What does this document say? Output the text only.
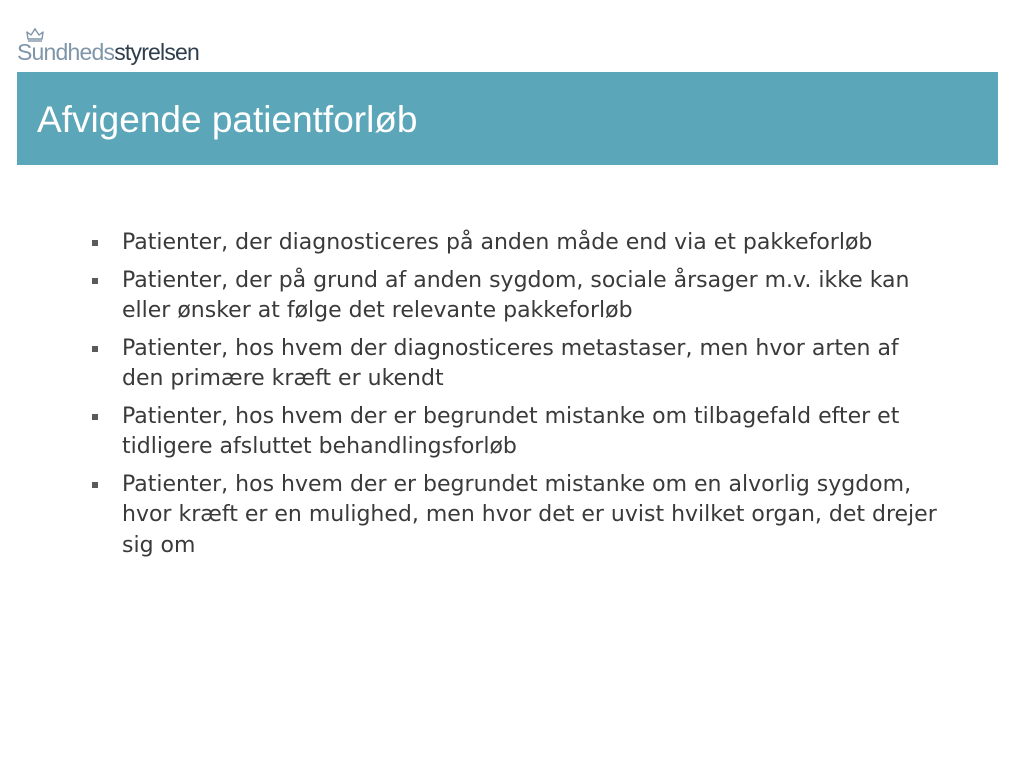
Sundhedsstyrelsen
Afvigende patientforløb
Patienter, der diagnosticeres på anden måde end via et pakkeforløb
Patienter, der på grund af anden sygdom, sociale årsager m.v. ikke kan eller ønsker at følge det relevante pakkeforløb
Patienter, hos hvem der diagnosticeres metastaser, men hvor arten af den primære kræft er ukendt
Patienter, hos hvem der er begrundet mistanke om tilbagefald efter et tidligere afsluttet behandlingsforløb
Patienter, hos hvem der er begrundet mistanke om en alvorlig sygdom, hvor kræft er en mulighed, men hvor det er uvist hvilket organ, det drejer sig om
